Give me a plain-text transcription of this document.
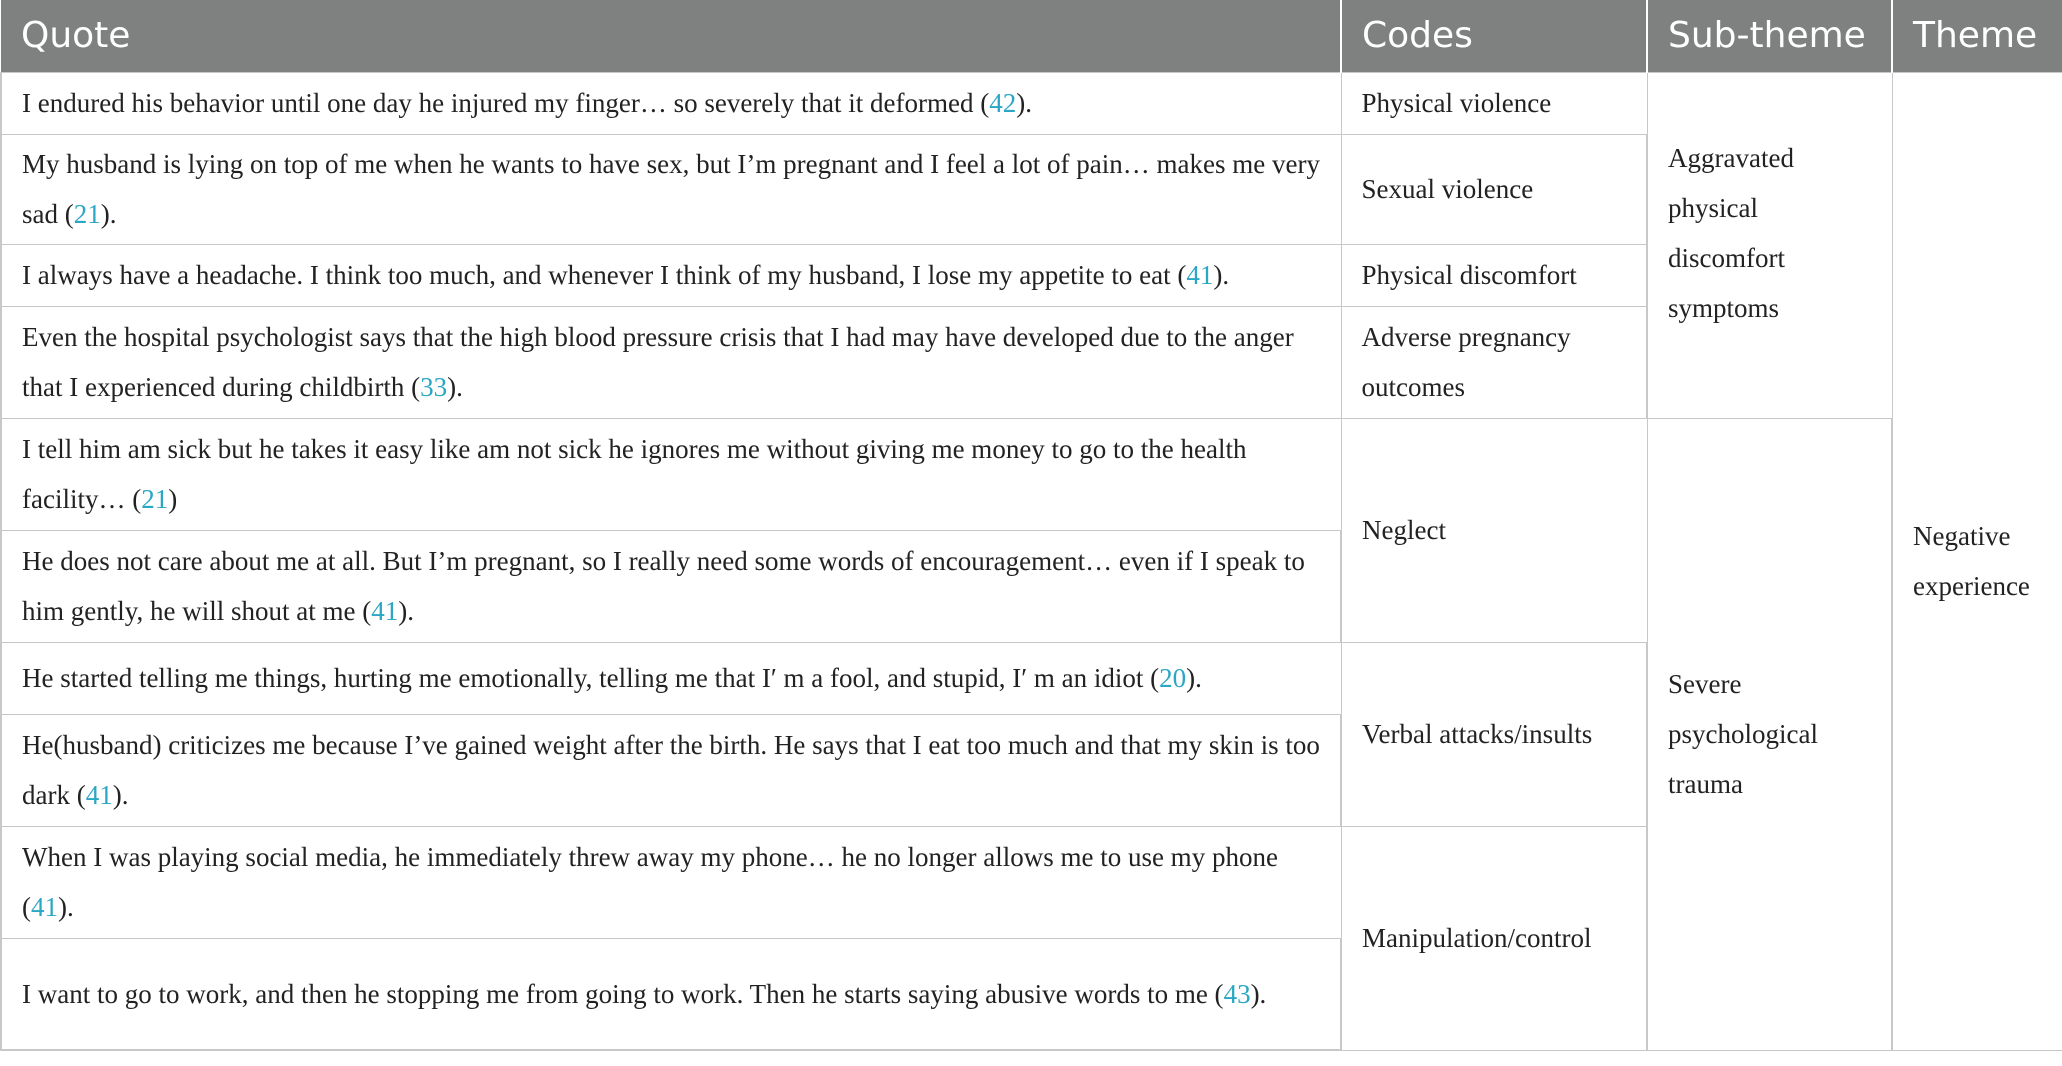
Quote	Codes	Sub-theme	Theme
I endured his behavior until one day he injured my finger… so severely that it deformed (42).	Physical violence	Aggravated physical discomfort symptoms	Negative experience
My husband is lying on top of me when he wants to have sex, but I’m pregnant and I feel a lot of pain… makes me very sad (21).	Sexual violence		
I always have a headache. I think too much, and whenever I think of my husband, I lose my appetite to eat (41).	Physical discomfort		
Even the hospital psychologist says that the high blood pressure crisis that I had may have developed due to the anger that I experienced during childbirth (33).	Adverse pregnancy outcomes		
I tell him am sick but he takes it easy like am not sick he ignores me without giving me money to go to the health facility… (21)	Neglect	Severe psychological trauma	
He does not care about me at all. But I’m pregnant, so I really need some words of encouragement… even if I speak to him gently, he will shout at me (41).			
He started telling me things, hurting me emotionally, telling me that I′ m a fool, and stupid, I′ m an idiot (20).	Verbal attacks/insults		
He(husband) criticizes me because I’ve gained weight after the birth. He says that I eat too much and that my skin is too dark (41).			
When I was playing social media, he immediately threw away my phone… he no longer allows me to use my phone (41).	Manipulation/control		
I want to go to work, and then he stopping me from going to work. Then he starts saying abusive words to me (43).			
